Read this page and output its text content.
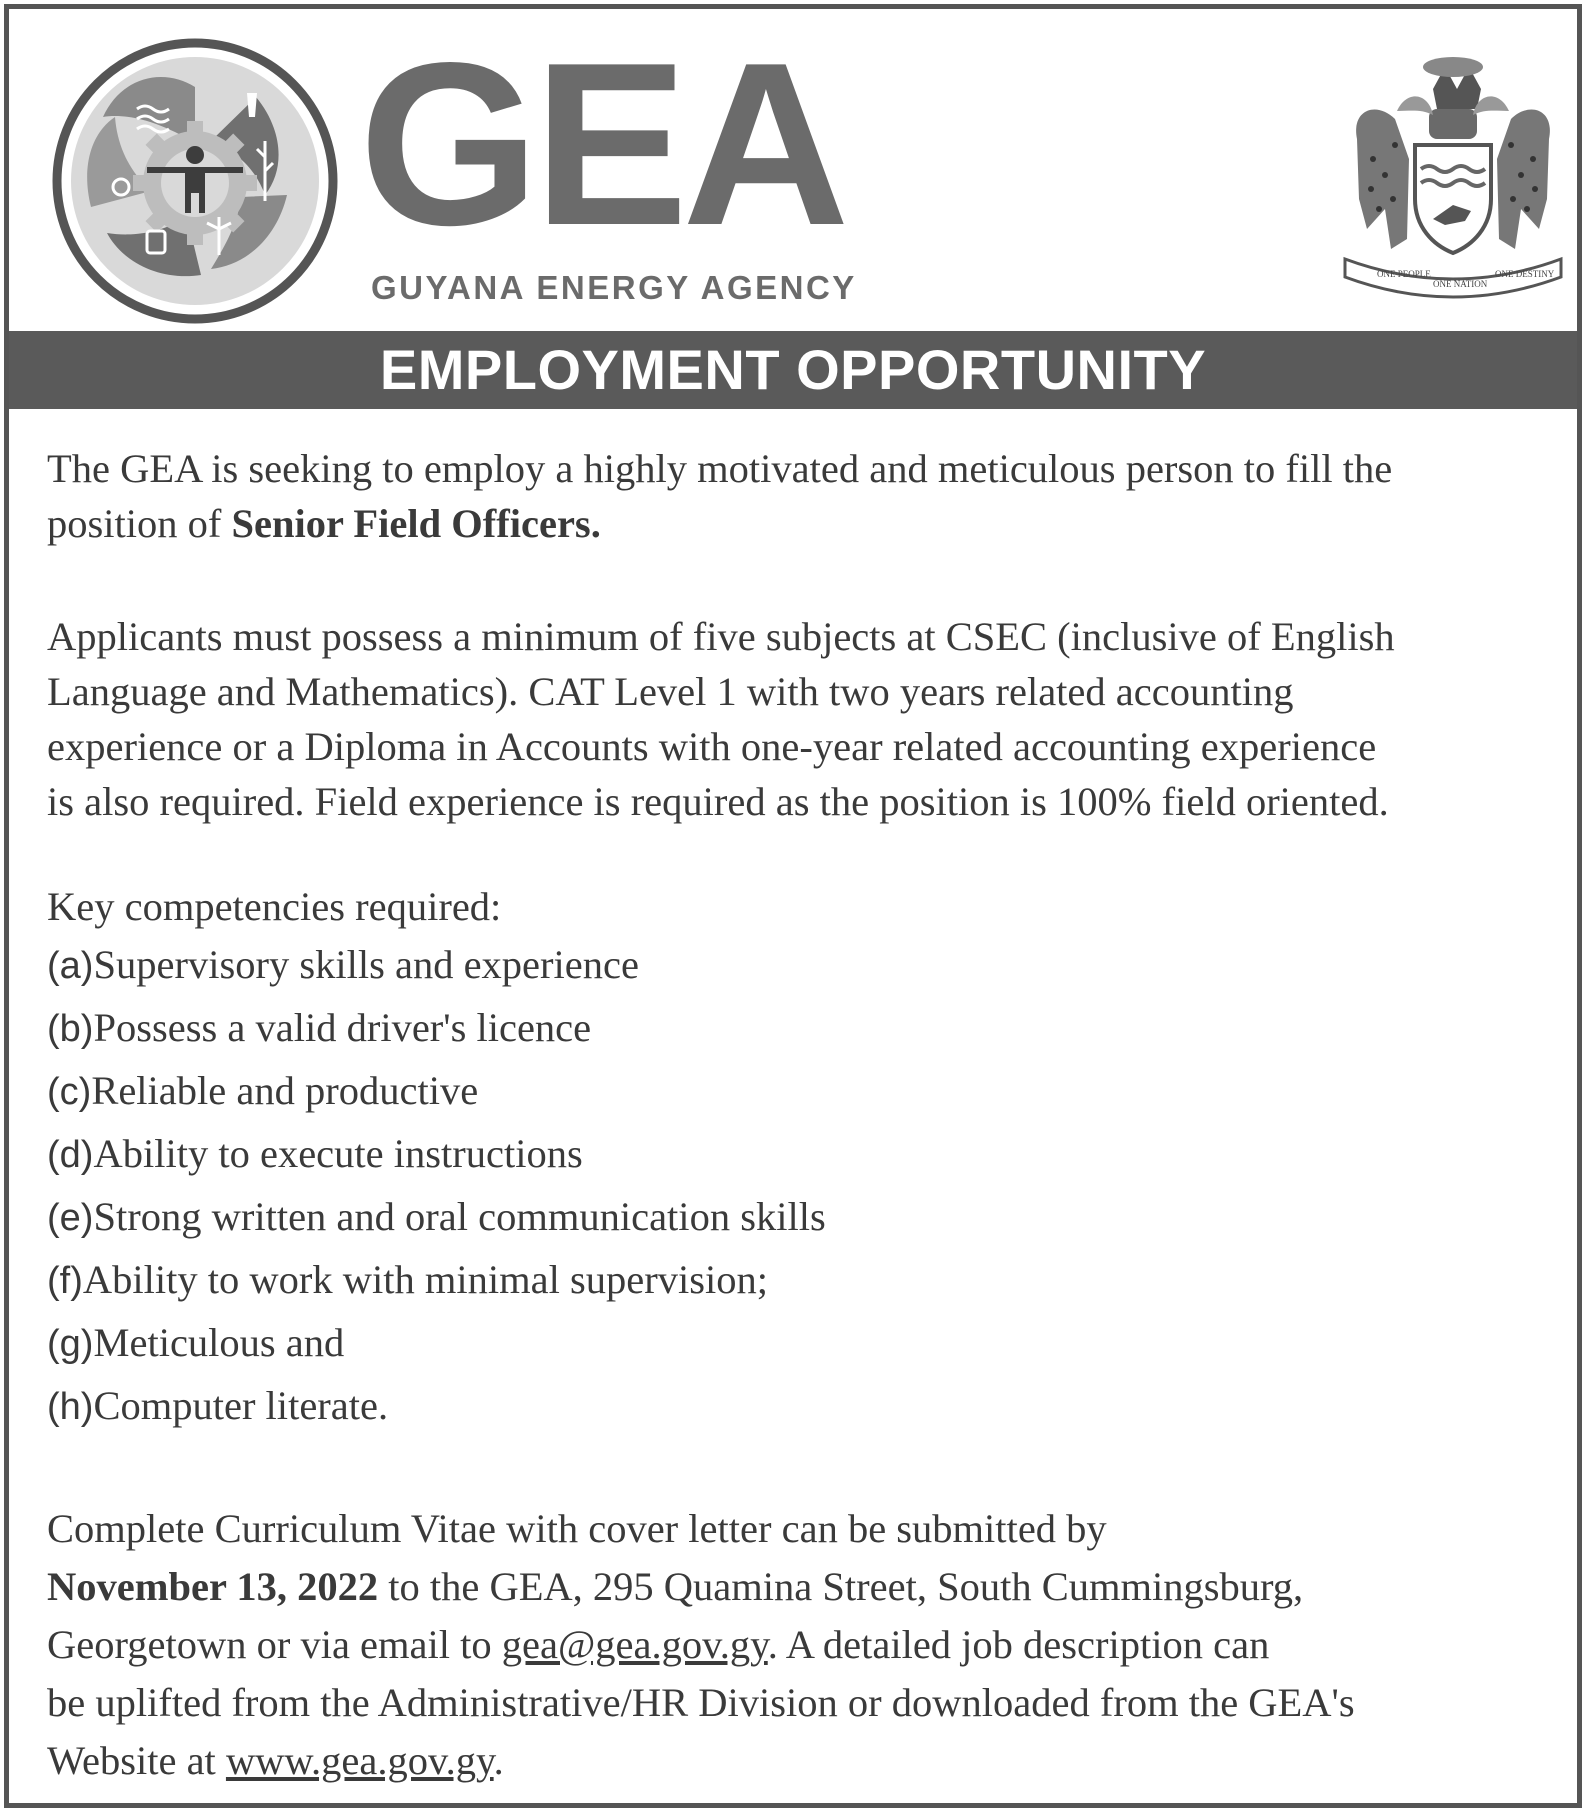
GEA
GUYANA ENERGY AGENCY	ONE PEOPLE
ONE NATION
ONE DESTINY
EMPLOYMENT OPPORTUNITY

The GEA is seeking to employ a highly motivated and meticulous person to fill the
position of Senior Field Officers.

Applicants must possess a minimum of five subjects at CSEC (inclusive of English
Language and Mathematics). CAT Level 1 with two years related accounting
experience or a Diploma in Accounts with one-year related accounting experience
is also required. Field experience is required as the position is 100% field oriented.

Key competencies required:

(a)Supervisory skills and experience
(b)Possess a valid driver's licence
(c)Reliable and productive
(d)Ability to execute instructions
(e)Strong written and oral communication skills
(f)Ability to work with minimal supervision;
(g)Meticulous and
(h)Computer literate.

Complete Curriculum Vitae with cover letter can be submitted by
November 13, 2022 to the GEA, 295 Quamina Street, South Cummingsburg,
Georgetown or via email to gea@gea.gov.gy. A detailed job description can
be uplifted from the Administrative/HR Division or downloaded from the GEA's
Website at www.gea.gov.gy.
